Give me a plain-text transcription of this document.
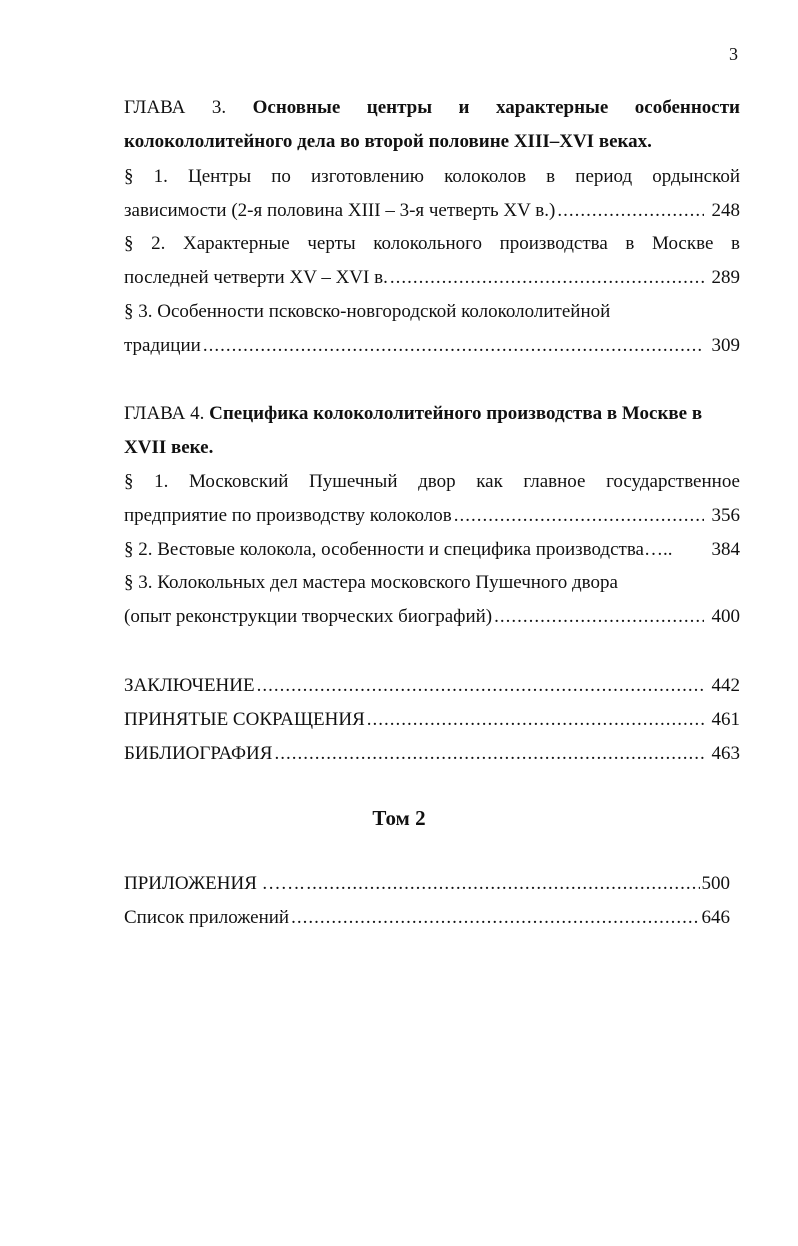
3
ГЛАВА 3. Основные центры и характерные особенности
колокололитейного дела во второй половине XIII–XVI веках.
§ 1. Центры по изготовлению колоколов в период ордынской
зависимости (2-я половина XIII – 3-я четверть XV в.) .....	248
§ 2. Характерные черты колокольного производства в Москве в
последней четверти XV – XVI в. .....	289
§ 3. Особенности псковско-новгородской колокололитейной
традиции .....	309
ГЛАВА 4. Специфика колокололитейного производства в Москве в
XVII веке.
§ 1. Московский Пушечный двор как главное государственное
предприятие по производству колоколов .....	356
§ 2. Вестовые колокола, особенности и специфика производства…..	384
§ 3. Колокольных дел мастера московского Пушечного двора
(опыт реконструкции творческих биографий) .....	400
ЗАКЛЮЧЕНИЕ .....	442
ПРИНЯТЫЕ СОКРАЩЕНИЯ .....	461
БИБЛИОГРАФИЯ .....	463
Том 2
ПРИЛОЖЕНИЯ ……. .....	500
Список приложений .....	646
